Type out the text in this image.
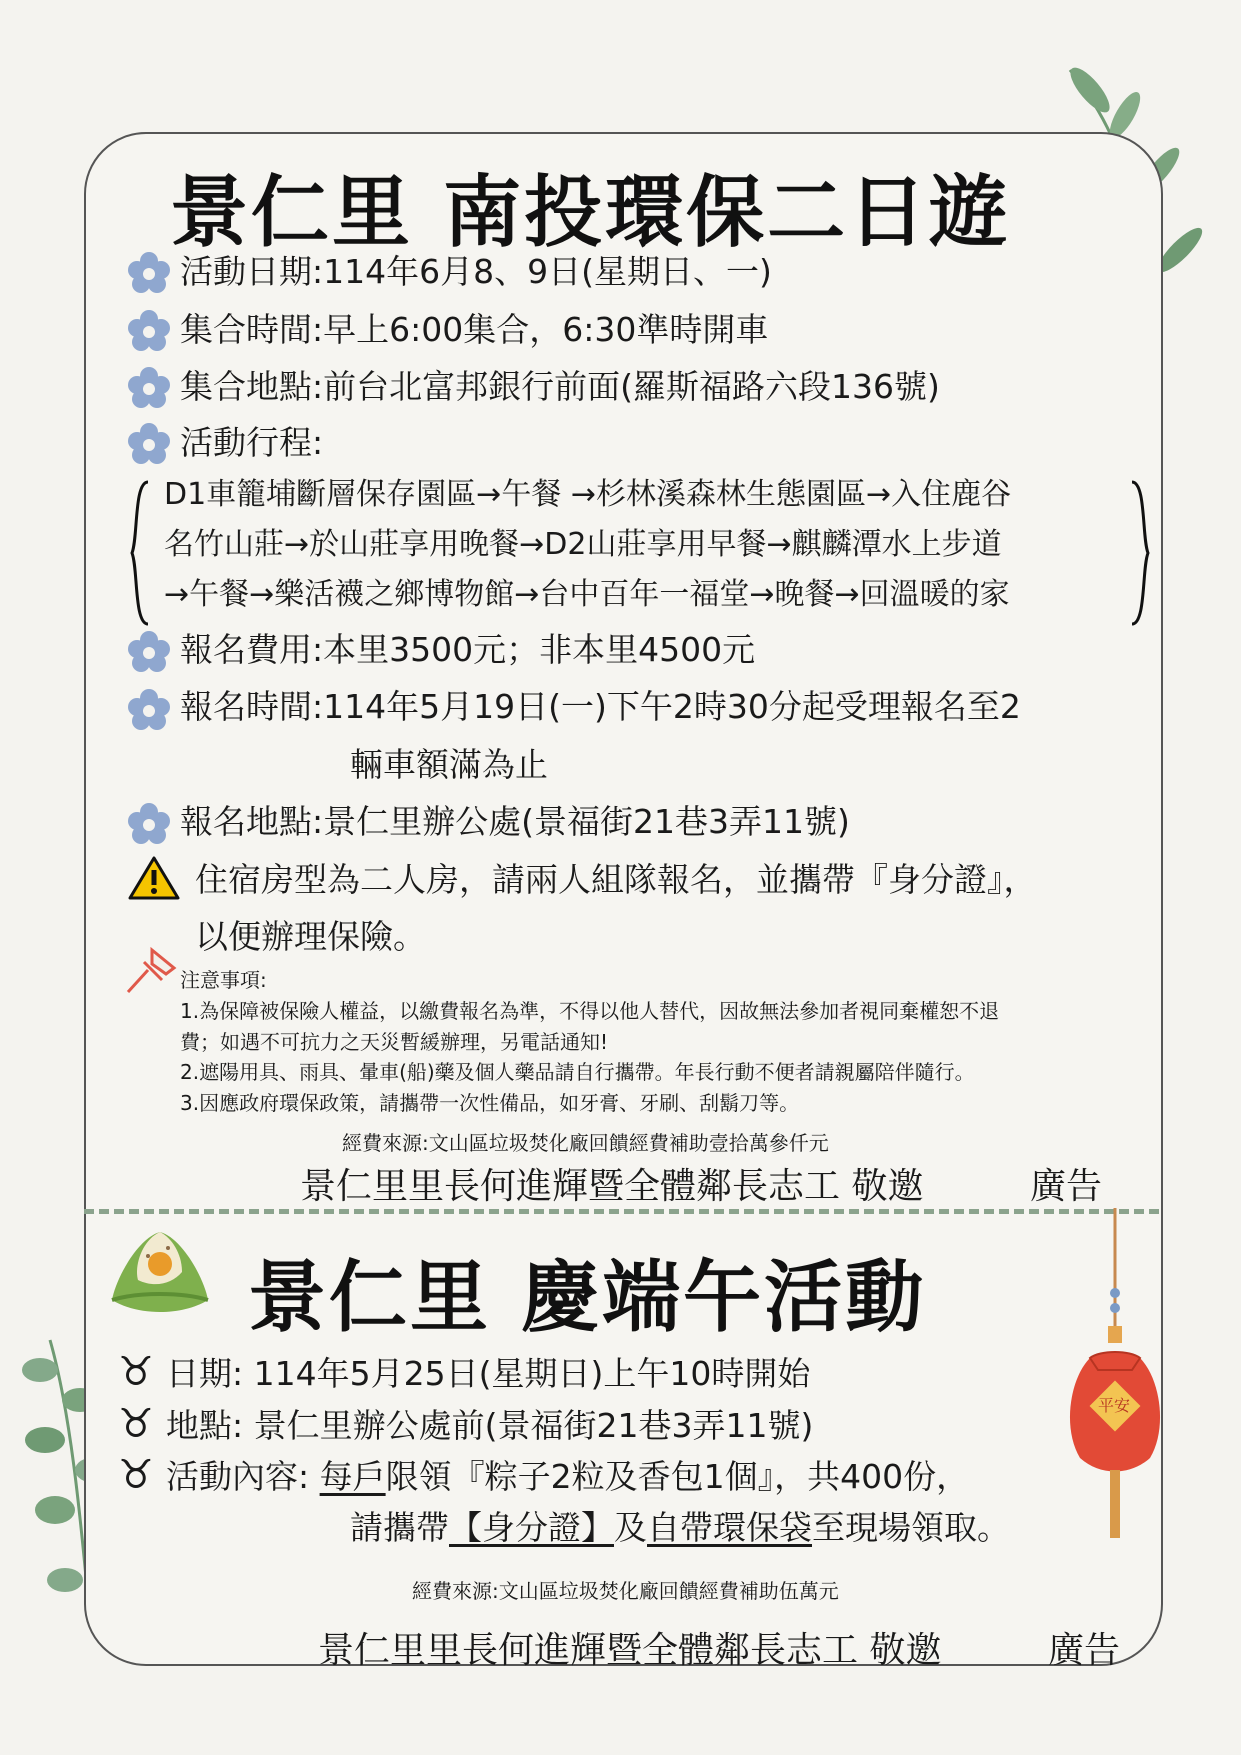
景仁里 南投環保二日遊
活動日期:114年6月8、9日(星期日、一)
集合時間:早上6:00集合，6:30準時開車
集合地點:前台北富邦銀行前面(羅斯福路六段136號)
活動行程:
D1車籠埔斷層保存園區→午餐 →杉林溪森林生態園區→入住鹿谷
名竹山莊→於山莊享用晚餐→D2山莊享用早餐→麒麟潭水上步道
→午餐→樂活襪之鄉博物館→台中百年一福堂→晚餐→回溫暖的家
報名費用:本里3500元；非本里4500元
報名時間:114年5月19日(一)下午2時30分起受理報名至2
輛車額滿為止
報名地點:景仁里辦公處(景福街21巷3弄11號)
住宿房型為二人房，請兩人組隊報名，並攜帶『身分證』，
以便辦理保險。
注意事項:
1.為保障被保險人權益，以繳費報名為準，不得以他人替代，因故無法參加者視同棄權恕不退
費；如遇不可抗力之天災暫緩辦理，另電話通知!
2.遮陽用具、雨具、暈車(船)藥及個人藥品請自行攜帶。年長行動不便者請親屬陪伴隨行。
3.因應政府環保政策，請攜帶一次性備品，如牙膏、牙刷、刮鬍刀等。
經費來源:文山區垃圾焚化廠回饋經費補助壹拾萬參仟元
景仁里里長何進輝暨全體鄰長志工 敬邀	廣告
景仁里 慶端午活動
平安
♉ 日期: 114年5月25日(星期日)上午10時開始
♉ 地點: 景仁里辦公處前(景福街21巷3弄11號)
♉ 活動內容: 每戶限領『粽子2粒及香包1個』，共400份，
請攜帶【身分證】及自帶環保袋至現場領取。
經費來源:文山區垃圾焚化廠回饋經費補助伍萬元
景仁里里長何進輝暨全體鄰長志工 敬邀	廣告
